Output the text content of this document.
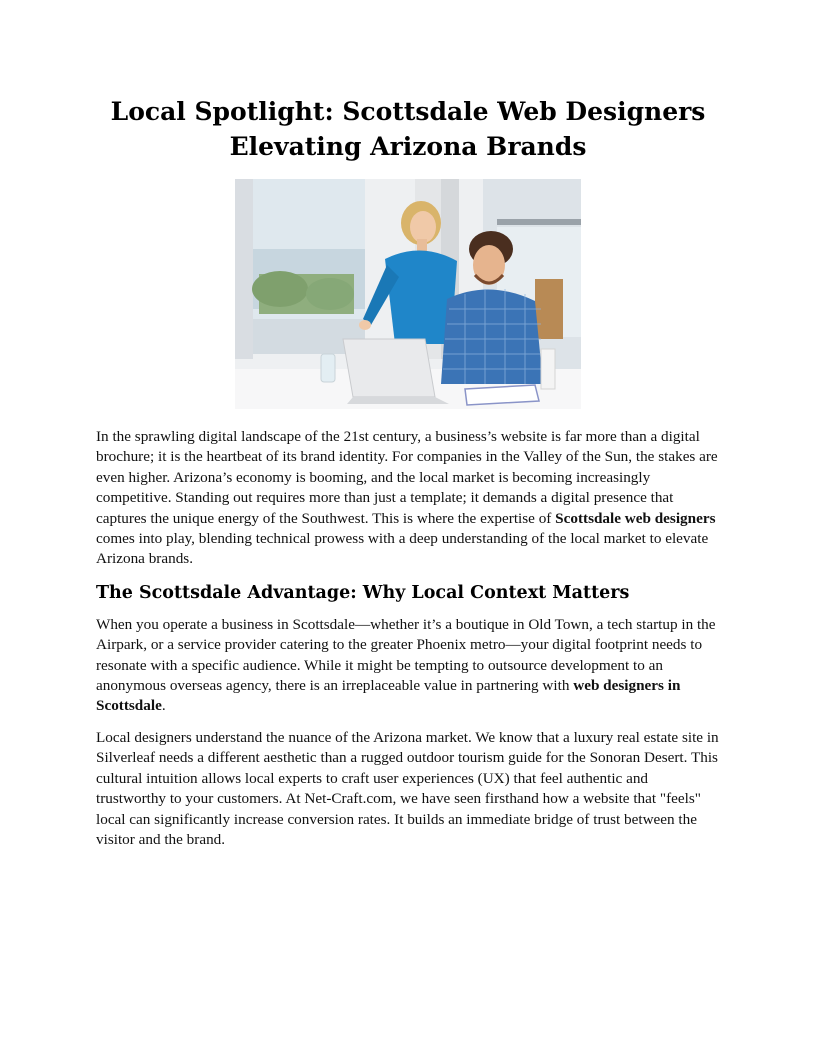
Local Spotlight: Scottsdale Web Designers
Elevating Arizona Brands

In the sprawling digital landscape of the 21st century, a business’s website is far more than a digital brochure; it is the heartbeat of its brand identity. For companies in the Valley of the Sun, the stakes are even higher. Arizona’s economy is booming, and the local market is becoming increasingly competitive. Standing out requires more than just a template; it demands a digital presence that captures the unique energy of the Southwest. This is where the expertise of Scottsdale web designers comes into play, blending technical prowess with a deep understanding of the local market to elevate Arizona brands.

The Scottsdale Advantage: Why Local Context Matters

When you operate a business in Scottsdale—whether it’s a boutique in Old Town, a tech startup in the Airpark, or a service provider catering to the greater Phoenix metro—your digital footprint needs to resonate with a specific audience. While it might be tempting to outsource development to an anonymous overseas agency, there is an irreplaceable value in partnering with web designers in Scottsdale.

Local designers understand the nuance of the Arizona market. We know that a luxury real estate site in Silverleaf needs a different aesthetic than a rugged outdoor tourism guide for the Sonoran Desert. This cultural intuition allows local experts to craft user experiences (UX) that feel authentic and trustworthy to your customers. At Net-Craft.com, we have seen firsthand how a website that "feels" local can significantly increase conversion rates. It builds an immediate bridge of trust between the visitor and the brand.
